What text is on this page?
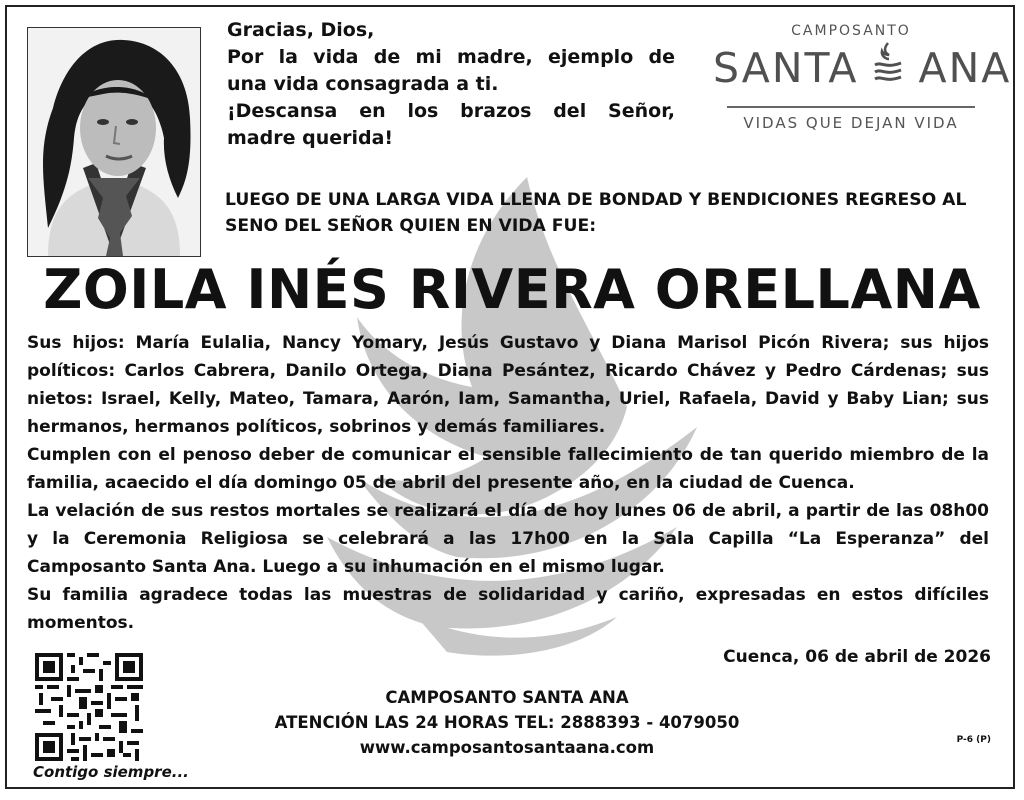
Gracias, Dios,
Por la vida de mi madre, ejemplo de
una vida consagrada a ti.
¡Descansa en los brazos del Señor,
madre querida!
CAMPOSANTO
SANTA ANA
VIDAS QUE DEJAN VIDA
LUEGO DE UNA LARGA VIDA LLENA DE BONDAD Y BENDICIONES REGRESO AL SENO DEL SEÑOR QUIEN EN VIDA FUE:
ZOILA INÉS RIVERA ORELLANA

Sus hijos: María Eulalia, Nancy Yomary, Jesús Gustavo y Diana Marisol Picón Rivera; sus hijos políticos: Carlos Cabrera, Danilo Ortega, Diana Pesántez, Ricardo Chávez y Pedro Cárdenas; sus nietos: Israel, Kelly, Mateo, Tamara, Aarón, Iam, Samantha, Uriel, Rafaela, David y Baby Lian; sus hermanos, hermanos políticos, sobrinos y demás familiares.

Cumplen con el penoso deber de comunicar el sensible fallecimiento de tan querido miembro de la familia, acaecido el día domingo 05 de abril del presente año, en la ciudad de Cuenca.

La velación de sus restos mortales se realizará el día de hoy lunes 06 de abril, a partir de las 08h00 y la Ceremonia Religiosa se celebrará a las 17h00 en la Sala Capilla “La Esperanza” del Camposanto Santa Ana. Luego a su inhumación en el mismo lugar.

Su familia agradece todas las muestras de solidaridad y cariño, expresadas en estos difíciles momentos.

Cuenca, 06 de abril de 2026
Contigo siempre...
CAMPOSANTO SANTA ANA
ATENCIÓN LAS 24 HORAS TEL: 2888393 - 4079050
www.camposantosantaana.com	P-6 (P)
